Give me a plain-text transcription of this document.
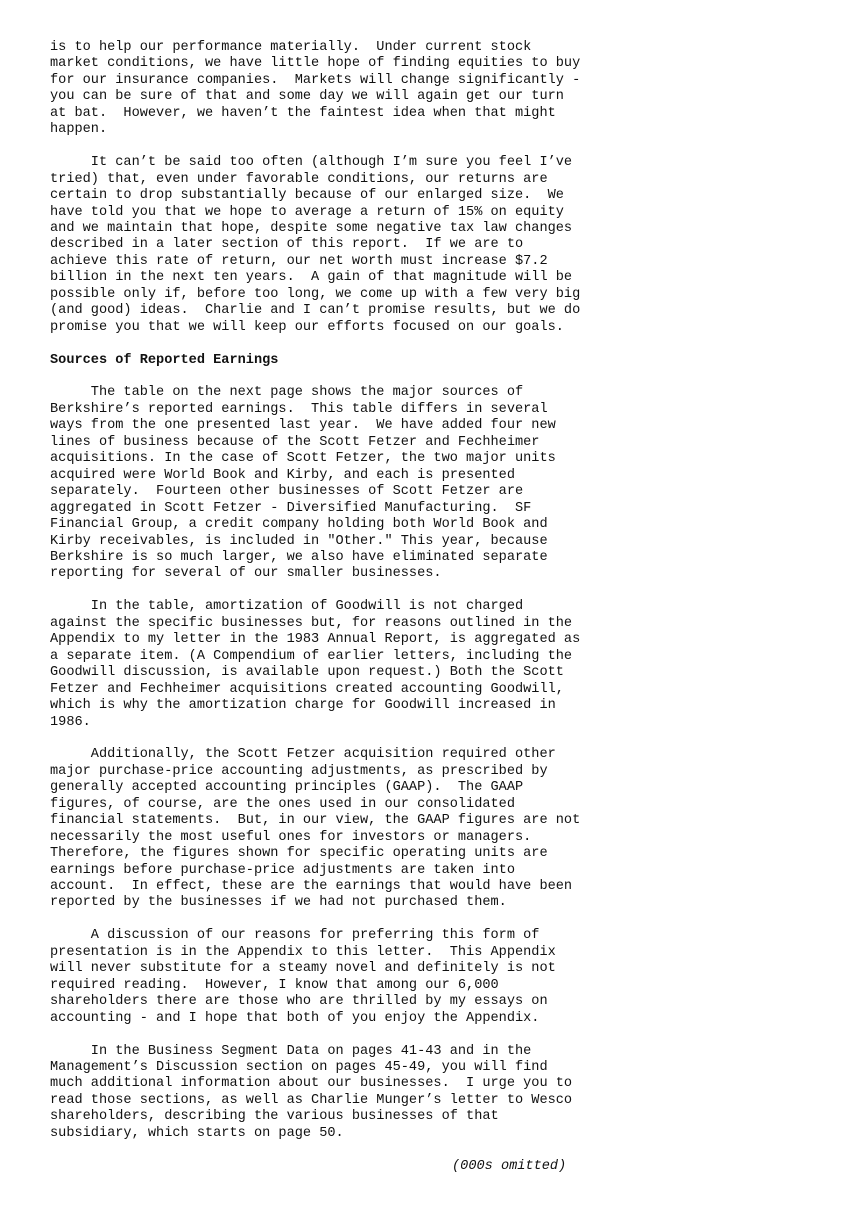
is to help our performance materially.  Under current stock
market conditions, we have little hope of finding equities to buy
for our insurance companies.  Markets will change significantly -
you can be sure of that and some day we will again get our turn
at bat.  However, we haven’t the faintest idea when that might
happen.

It can’t be said too often (although I’m sure you feel I’ve
tried) that, even under favorable conditions, our returns are
certain to drop substantially because of our enlarged size.  We
have told you that we hope to average a return of 15% on equity
and we maintain that hope, despite some negative tax law changes
described in a later section of this report.  If we are to
achieve this rate of return, our net worth must increase $7.2
billion in the next ten years.  A gain of that magnitude will be
possible only if, before too long, we come up with a few very big
(and good) ideas.  Charlie and I can’t promise results, but we do
promise you that we will keep our efforts focused on our goals.

Sources of Reported Earnings

The table on the next page shows the major sources of
Berkshire’s reported earnings.  This table differs in several
ways from the one presented last year.  We have added four new
lines of business because of the Scott Fetzer and Fechheimer
acquisitions. In the case of Scott Fetzer, the two major units
acquired were World Book and Kirby, and each is presented
separately.  Fourteen other businesses of Scott Fetzer are
aggregated in Scott Fetzer - Diversified Manufacturing.  SF
Financial Group, a credit company holding both World Book and
Kirby receivables, is included in "Other." This year, because
Berkshire is so much larger, we also have eliminated separate
reporting for several of our smaller businesses.

In the table, amortization of Goodwill is not charged
against the specific businesses but, for reasons outlined in the
Appendix to my letter in the 1983 Annual Report, is aggregated as
a separate item. (A Compendium of earlier letters, including the
Goodwill discussion, is available upon request.) Both the Scott
Fetzer and Fechheimer acquisitions created accounting Goodwill,
which is why the amortization charge for Goodwill increased in
1986.

Additionally, the Scott Fetzer acquisition required other
major purchase-price accounting adjustments, as prescribed by
generally accepted accounting principles (GAAP).  The GAAP
figures, of course, are the ones used in our consolidated
financial statements.  But, in our view, the GAAP figures are not
necessarily the most useful ones for investors or managers.
Therefore, the figures shown for specific operating units are
earnings before purchase-price adjustments are taken into
account.  In effect, these are the earnings that would have been
reported by the businesses if we had not purchased them.

A discussion of our reasons for preferring this form of
presentation is in the Appendix to this letter.  This Appendix
will never substitute for a steamy novel and definitely is not
required reading.  However, I know that among our 6,000
shareholders there are those who are thrilled by my essays on
accounting - and I hope that both of you enjoy the Appendix.

In the Business Segment Data on pages 41-43 and in the
Management’s Discussion section on pages 45-49, you will find
much additional information about our businesses.  I urge you to
read those sections, as well as Charlie Munger’s letter to Wesco
shareholders, describing the various businesses of that
subsidiary, which starts on page 50.

(000s omitted)
